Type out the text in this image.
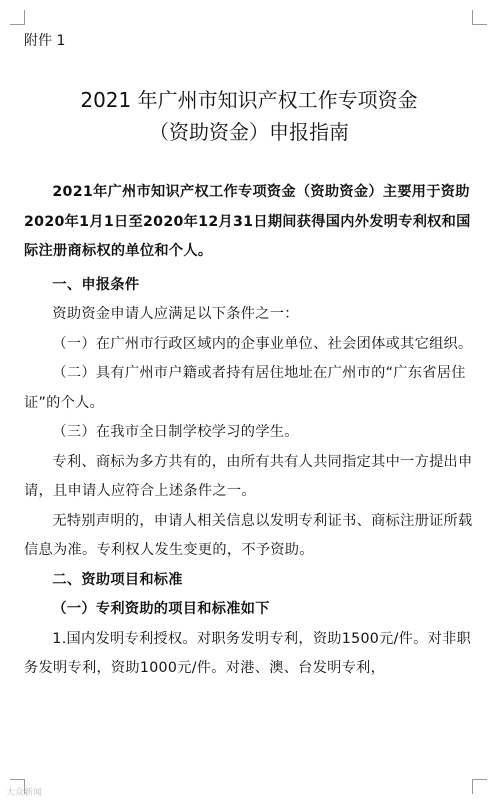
附件 1

2021 年广州市知识产权工作专项资金
（资助资金）申报指南

2021年广州市知识产权工作专项资金（资助资金）主要用于资助2020年1月1日至2020年12月31日期间获得国内外发明专利权和国际注册商标权的单位和个人。

一、申报条件

资助资金申请人应满足以下条件之一：

（一）在广州市行政区域内的企事业单位、社会团体或其它组织。

（二）具有广州市户籍或者持有居住地址在广州市的“广东省居住证”的个人。

（三）在我市全日制学校学习的学生。

专利、商标为多方共有的，由所有共有人共同指定其中一方提出申请，且申请人应符合上述条件之一。

无特别声明的，申请人相关信息以发明专利证书、商标注册证所载信息为准。专利权人发生变更的，不予资助。

二、资助项目和标准

（一）专利资助的项目和标准如下

1.国内发明专利授权。对职务发明专利，资助1500元/件。对非职务发明专利，资助1000元/件。对港、澳、台发明专利，

大众新闻
